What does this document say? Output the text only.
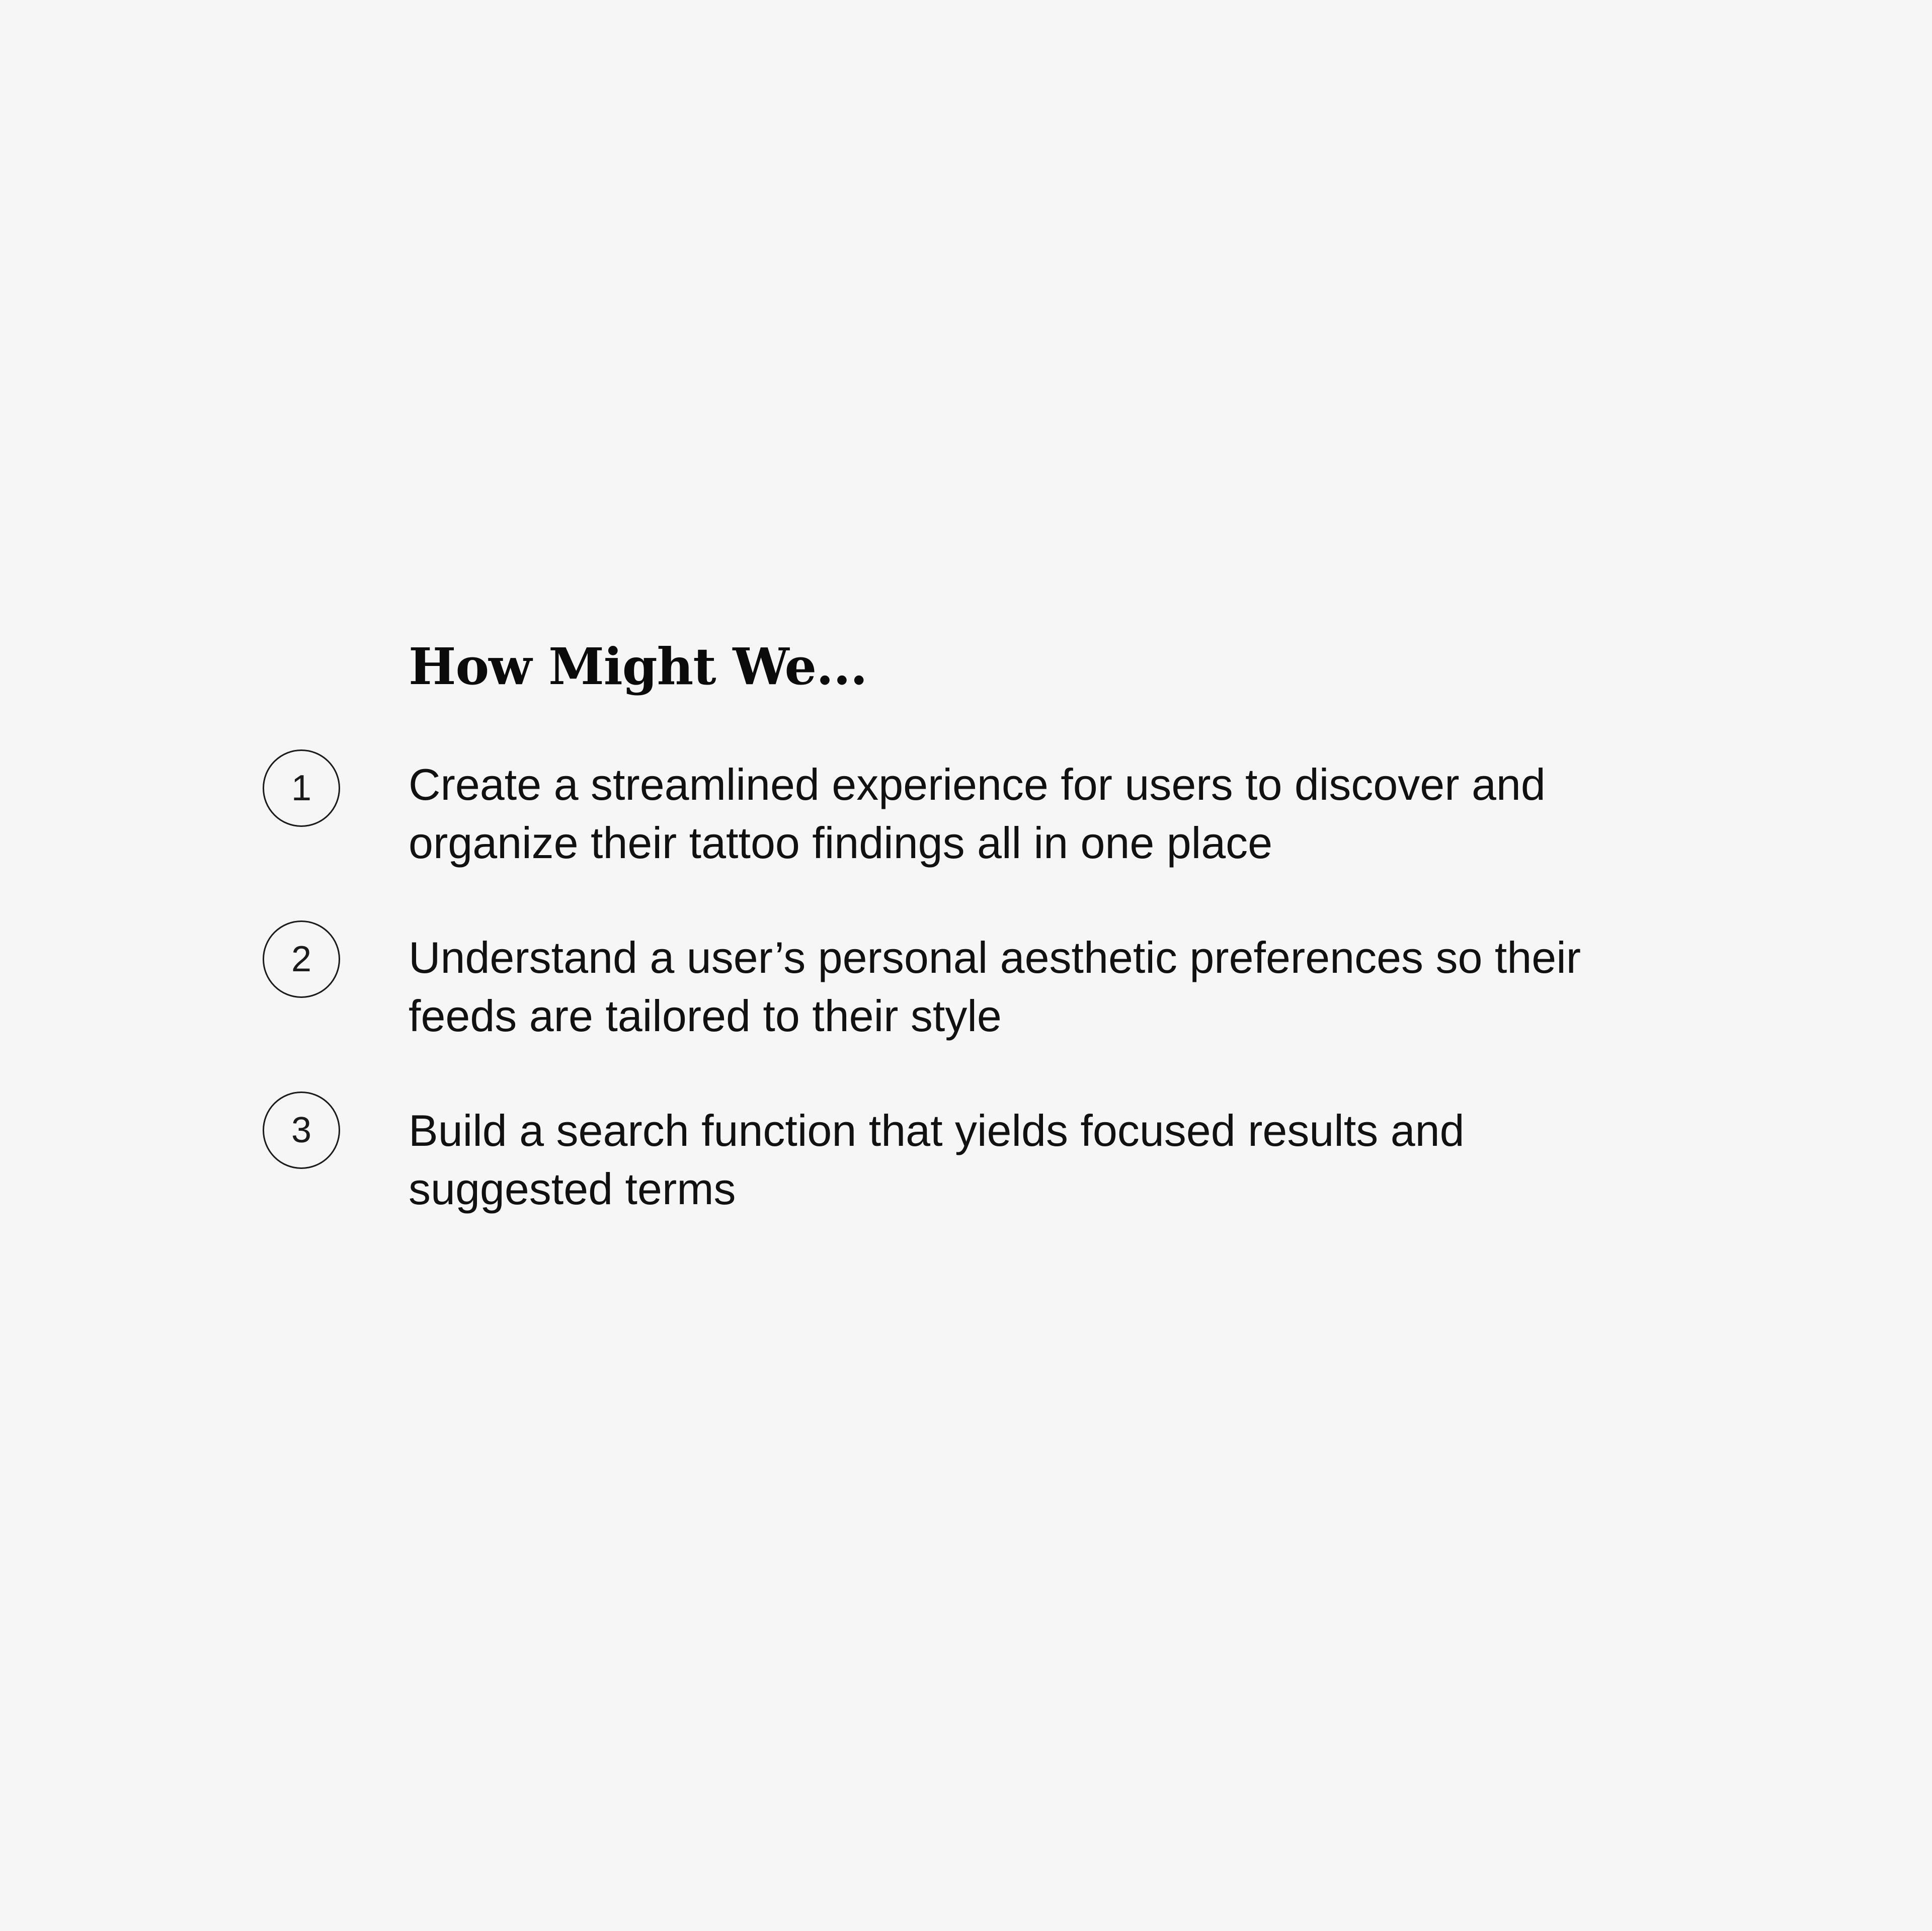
How Might We...
1	Create a streamlined experience for users to discover and organize their tattoo findings all in one place

2	Understand a user’s personal aesthetic preferences so their feeds are tailored to their style

3	Build a search function that yields focused results and suggested terms
